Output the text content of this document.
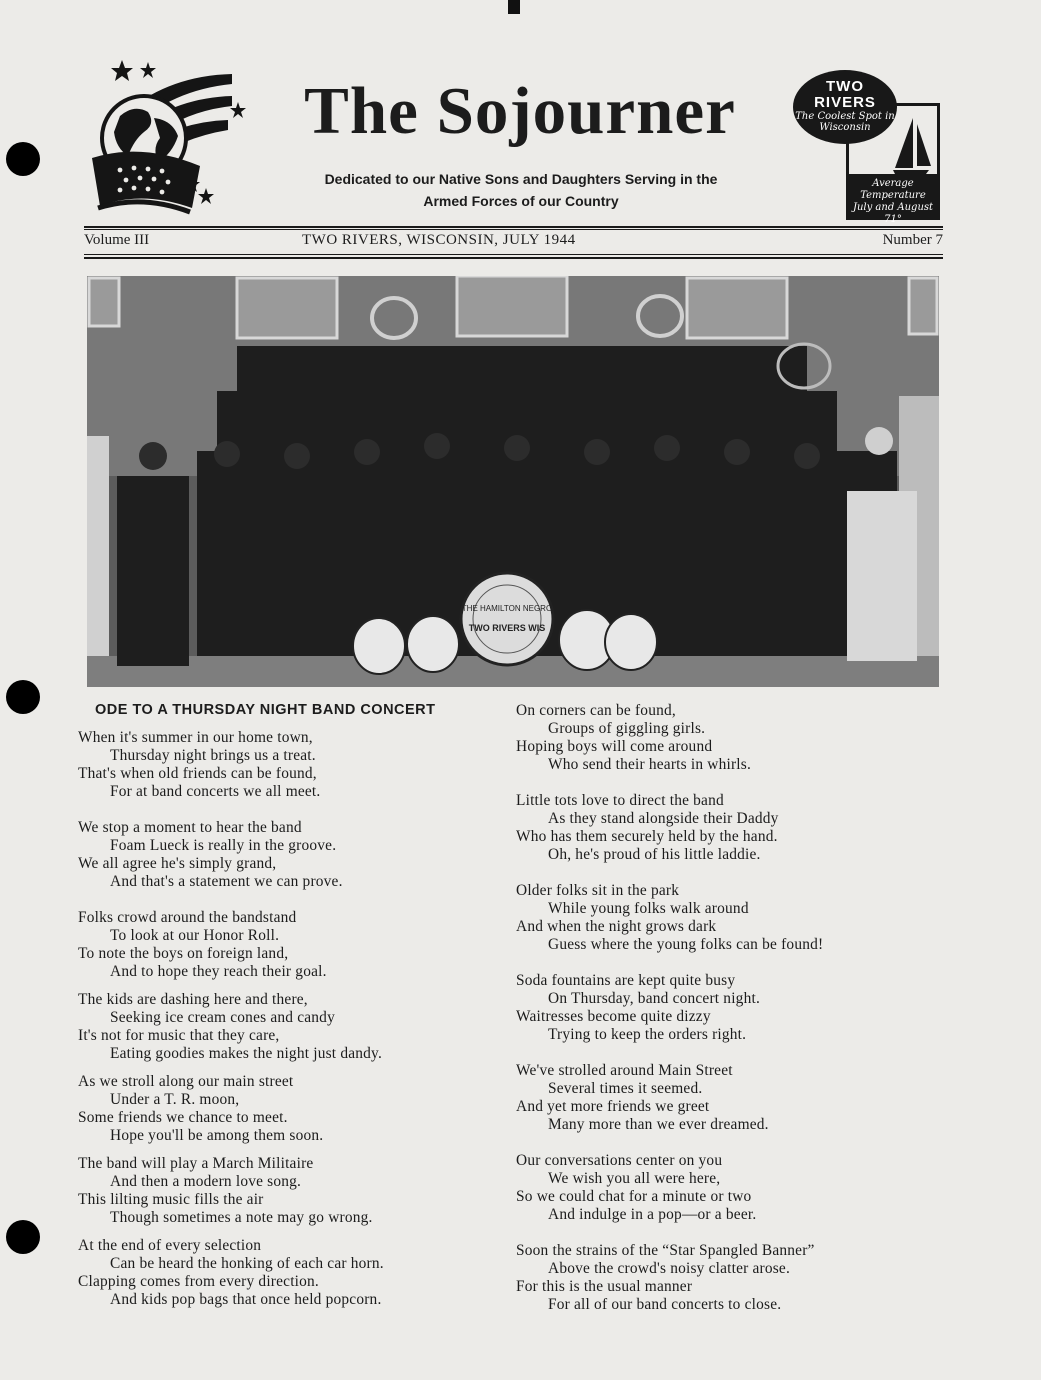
The Sojourner
Dedicated to our Native Sons and Daughters Serving in the
Armed Forces of our Country
Average Temperature
July and August
71°
TWO RIVERS
The Coolest Spot in Wisconsin
Volume III	TWO RIVERS, WISCONSIN, JULY 1944	Number 7
THE HAMILTON NEGRO
TWO RIVERS WIS
ODE TO A THURSDAY NIGHT BAND CONCERT
When it's summer in our home town,
Thursday night brings us a treat.
That's when old friends can be found,
For at band concerts we all meet.
We stop a moment to hear the band
Foam Lueck is really in the groove.
We all agree he's simply grand,
And that's a statement we can prove.
Folks crowd around the bandstand
To look at our Honor Roll.
To note the boys on foreign land,
And to hope they reach their goal.
The kids are dashing here and there,
Seeking ice cream cones and candy
It's not for music that they care,
Eating goodies makes the night just dandy.
As we stroll along our main street
Under a T. R. moon,
Some friends we chance to meet.
Hope you'll be among them soon.
The band will play a March Militaire
And then a modern love song.
This lilting music fills the air
Though sometimes a note may go wrong.
At the end of every selection
Can be heard the honking of each car horn.
Clapping comes from every direction.
And kids pop bags that once held popcorn.
On corners can be found,
Groups of giggling girls.
Hoping boys will come around
Who send their hearts in whirls.
Little tots love to direct the band
As they stand alongside their Daddy
Who has them securely held by the hand.
Oh, he's proud of his little laddie.
Older folks sit in the park
While young folks walk around
And when the night grows dark
Guess where the young folks can be found!
Soda fountains are kept quite busy
On Thursday, band concert night.
Waitresses become quite dizzy
Trying to keep the orders right.
We've strolled around Main Street
Several times it seemed.
And yet more friends we greet
Many more than we ever dreamed.
Our conversations center on you
We wish you all were here,
So we could chat for a minute or two
And indulge in a pop—or a beer.
Soon the strains of the “Star Spangled Banner”
Above the crowd's noisy clatter arose.
For this is the usual manner
For all of our band concerts to close.
